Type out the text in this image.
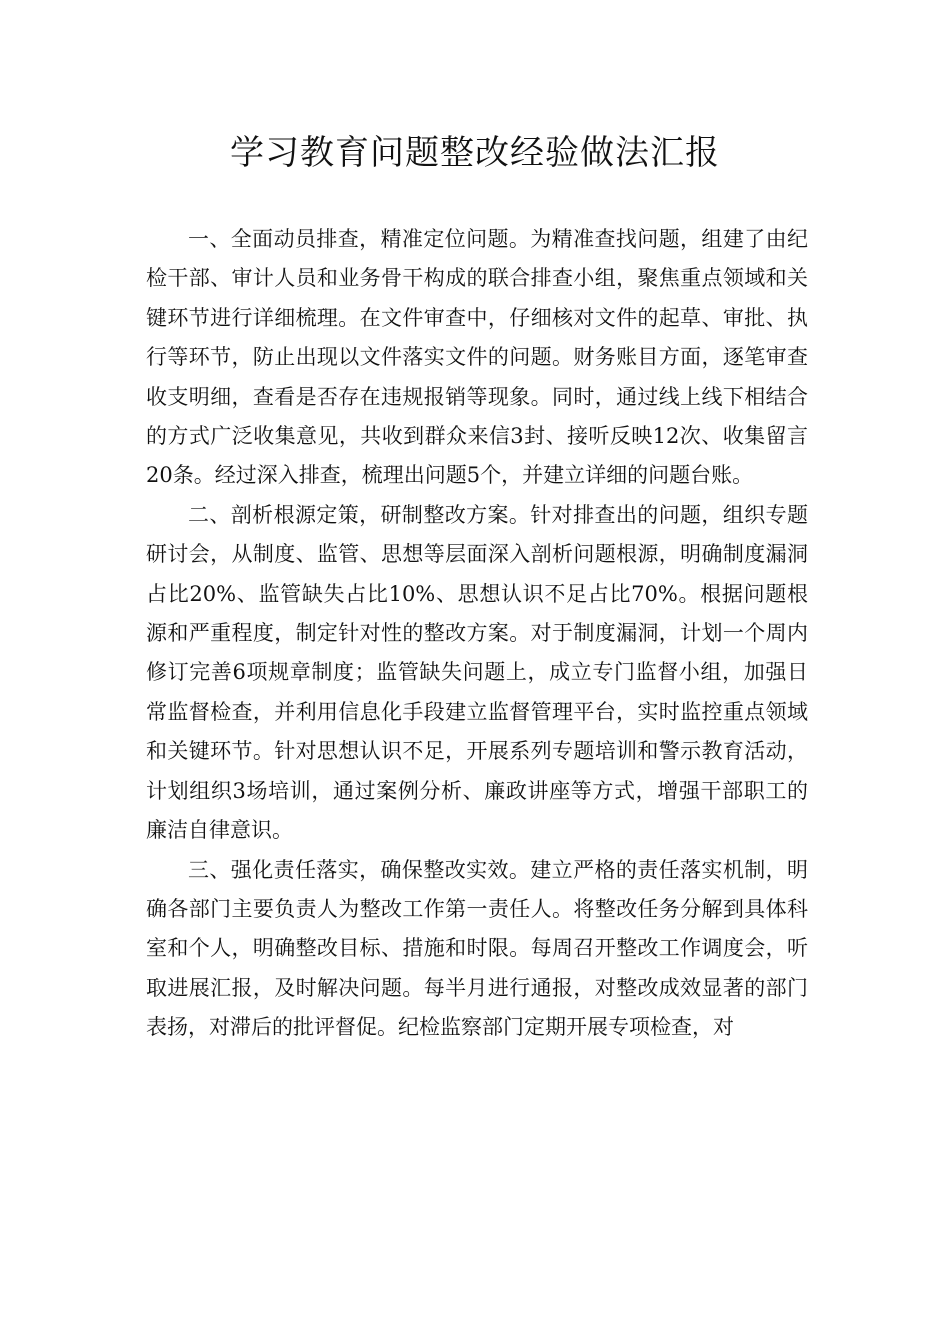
学习教育问题整改经验做法汇报

一、全面动员排查，精准定位问题。为精准查找问题，组建了由纪检干部、审计人员和业务骨干构成的联合排查小组，聚焦重点领域和关键环节进行详细梳理。在文件审查中，仔细核对文件的起草、审批、执行等环节，防止出现以文件落实文件的问题。财务账目方面，逐笔审查收支明细，查看是否存在违规报销等现象。同时，通过线上线下相结合的方式广泛收集意见，共收到群众来信3封、接听反映12次、收集留言20条。经过深入排查，梳理出问题5个，并建立详细的问题台账。

二、剖析根源定策，研制整改方案。针对排查出的问题，组织专题研讨会，从制度、监管、思想等层面深入剖析问题根源，明确制度漏洞占比20%、监管缺失占比10%、思想认识不足占比70%。根据问题根源和严重程度，制定针对性的整改方案。对于制度漏洞，计划一个周内修订完善6项规章制度；监管缺失问题上，成立专门监督小组，加强日常监督检查，并利用信息化手段建立监督管理平台，实时监控重点领域和关键环节。针对思想认识不足，开展系列专题培训和警示教育活动，计划组织3场培训，通过案例分析、廉政讲座等方式，增强干部职工的廉洁自律意识。

三、强化责任落实，确保整改实效。建立严格的责任落实机制，明确各部门主要负责人为整改工作第一责任人。将整改任务分解到具体科室和个人，明确整改目标、措施和时限。每周召开整改工作调度会，听取进展汇报，及时解决问题。每半月进行通报，对整改成效显著的部门表扬，对滞后的批评督促。纪检监察部门定期开展专项检查，对
